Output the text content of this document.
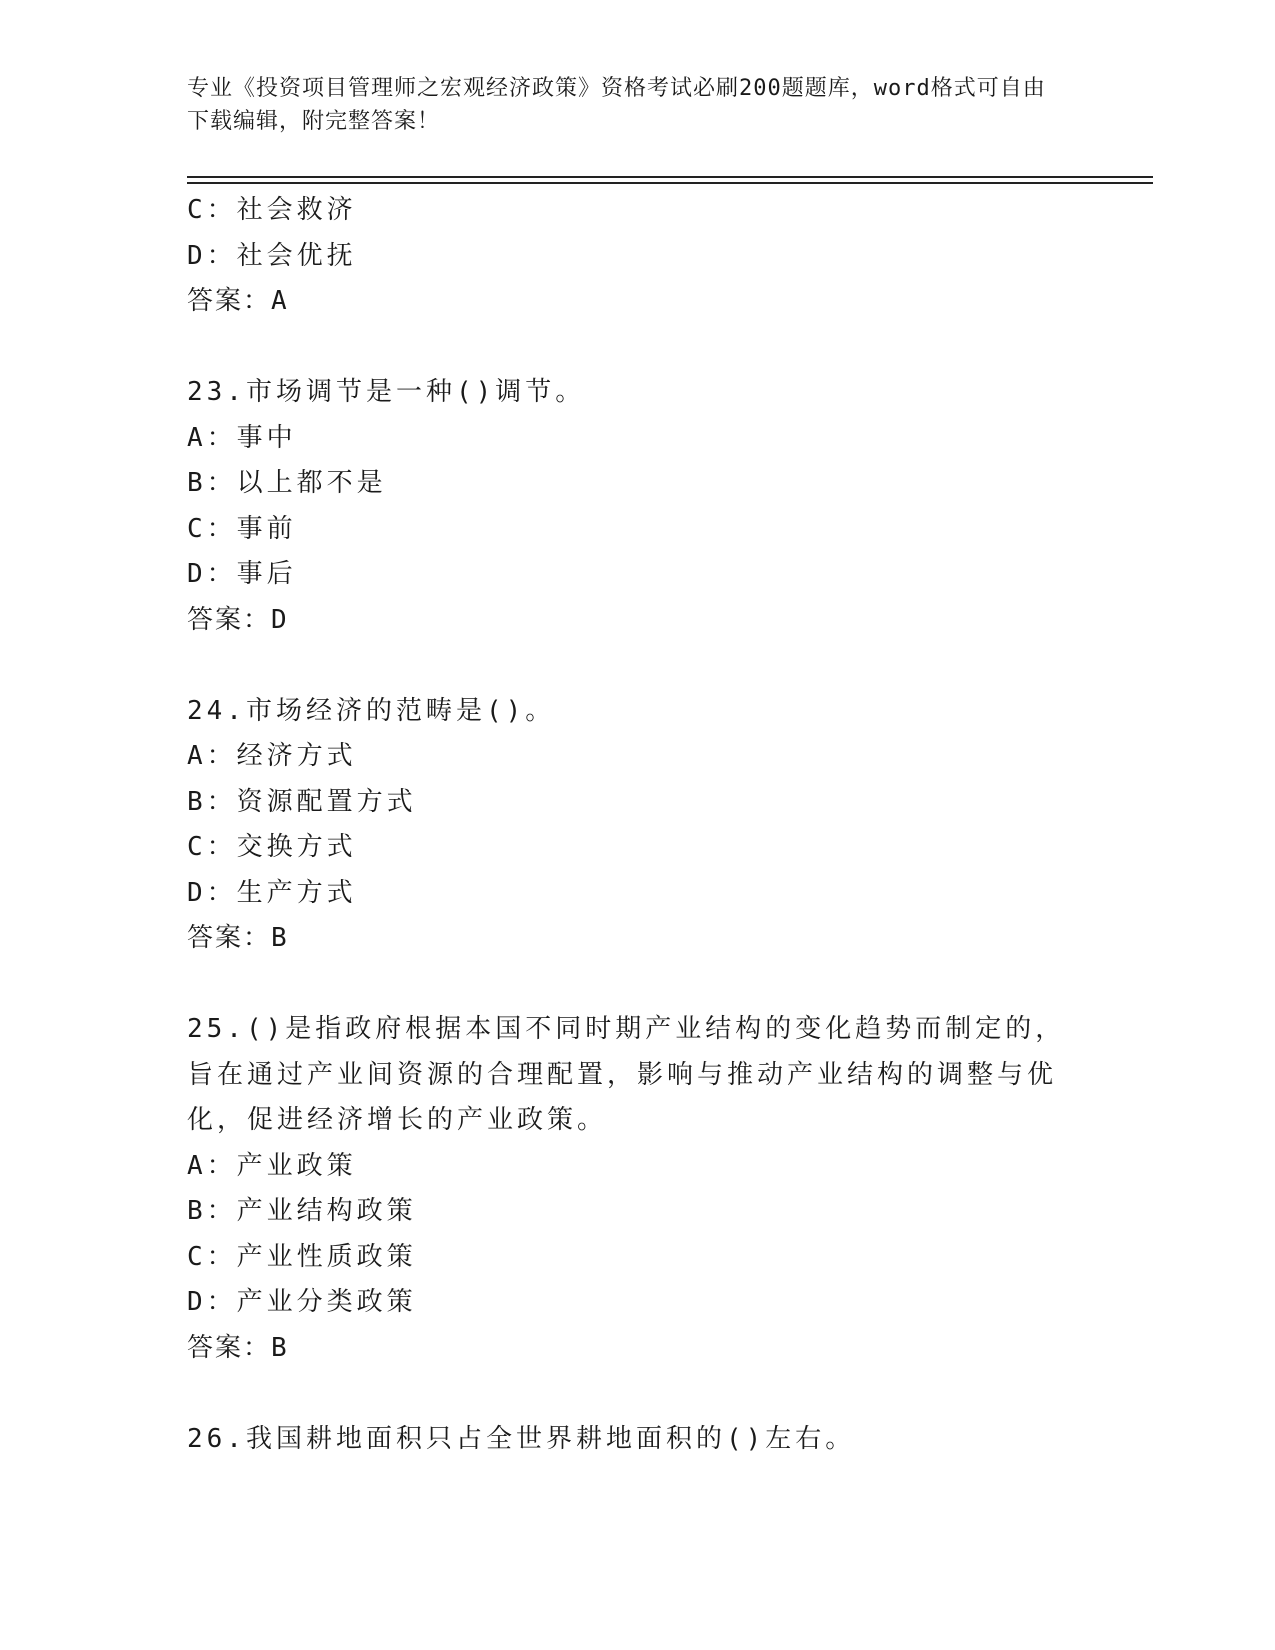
专业《投资项目管理师之宏观经济政策》资格考试必刷200题题库，word格式可自由下载编辑，附完整答案！
C：社会救济
D：社会优抚
答案：A
23.市场调节是一种()调节。
A：事中
B：以上都不是
C：事前
D：事后
答案：D
24.市场经济的范畴是()。
A：经济方式
B：资源配置方式
C：交换方式
D：生产方式
答案：B
25.()是指政府根据本国不同时期产业结构的变化趋势而制定的，旨在通过产业间资源的合理配置，影响与推动产业结构的调整与优化，促进经济增长的产业政策。
A：产业政策
B：产业结构政策
C：产业性质政策
D：产业分类政策
答案：B
26.我国耕地面积只占全世界耕地面积的()左右。
